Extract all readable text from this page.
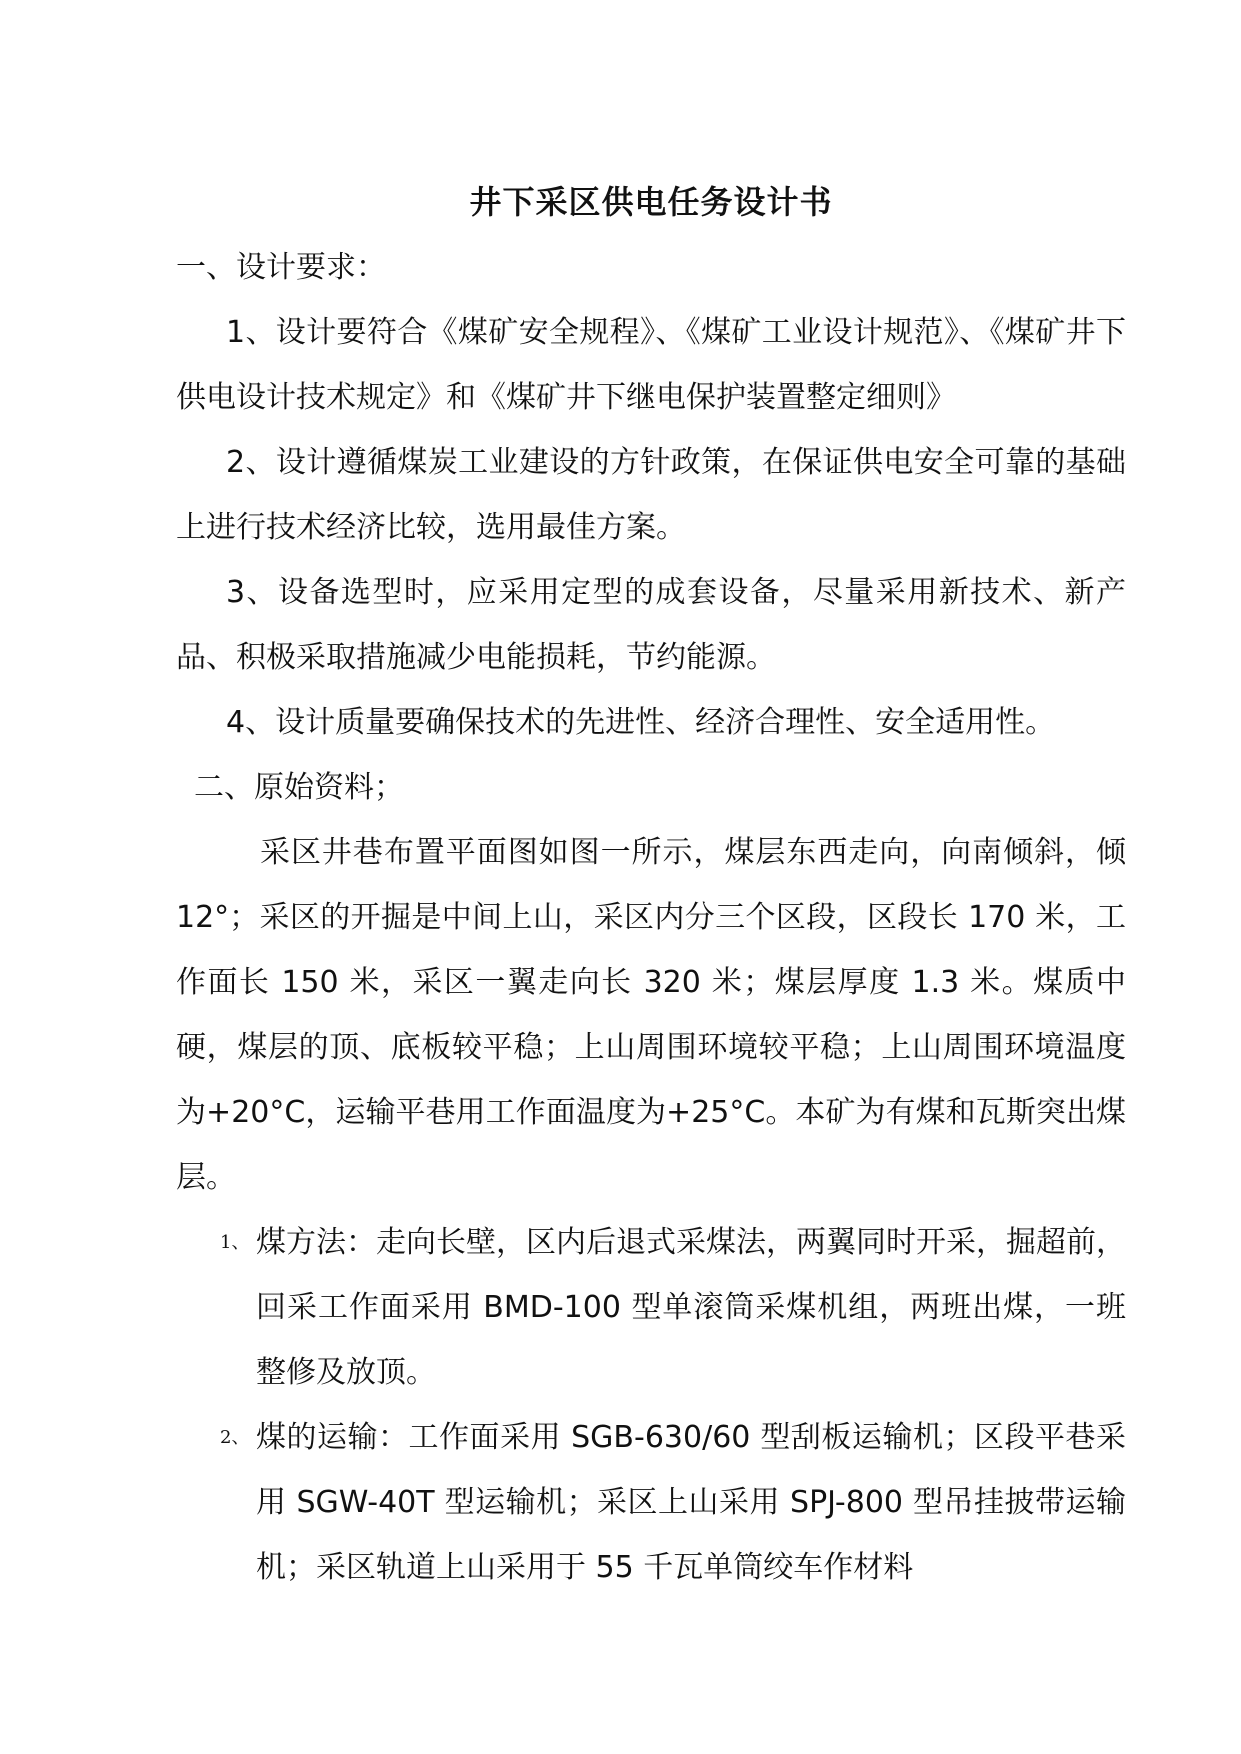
井下采区供电任务设计书
一、设计要求：

1、设计要符合《煤矿安全规程》、《煤矿工业设计规范》、《煤矿井下供电设计技术规定》和《煤矿井下继电保护装置整定细则》

2、设计遵循煤炭工业建设的方针政策，在保证供电安全可靠的基础上进行技术经济比较，选用最佳方案。

3、设备选型时，应采用定型的成套设备，尽量采用新技术、新产品、积极采取措施减少电能损耗，节约能源。

4、设计质量要确保技术的先进性、经济合理性、安全适用性。

二、原始资料；

采区井巷布置平面图如图一所示，煤层东西走向，向南倾斜，倾 12°；采区的开掘是中间上山，采区内分三个区段，区段长 170 米，工作面长 150 米，采区一翼走向长 320 米；煤层厚度 1.3 米。煤质中硬，煤层的顶、底板较平稳；上山周围环境较平稳；上山周围环境温度为+20°C，运输平巷用工作面温度为+25°C。本矿为有煤和瓦斯突出煤层。

1、 煤方法：走向长壁，区内后退式采煤法，两翼同时开采，掘超前，回采工作面采用 BMD-100 型单滚筒采煤机组，两班出煤，一班整修及放顶。
2、 煤的运输：工作面采用 SGB-630/60 型刮板运输机；区段平巷采用 SGW-40T 型运输机；采区上山采用 SPJ-800 型吊挂披带运输机；采区轨道上山采用于 55 千瓦单筒绞车作材料
